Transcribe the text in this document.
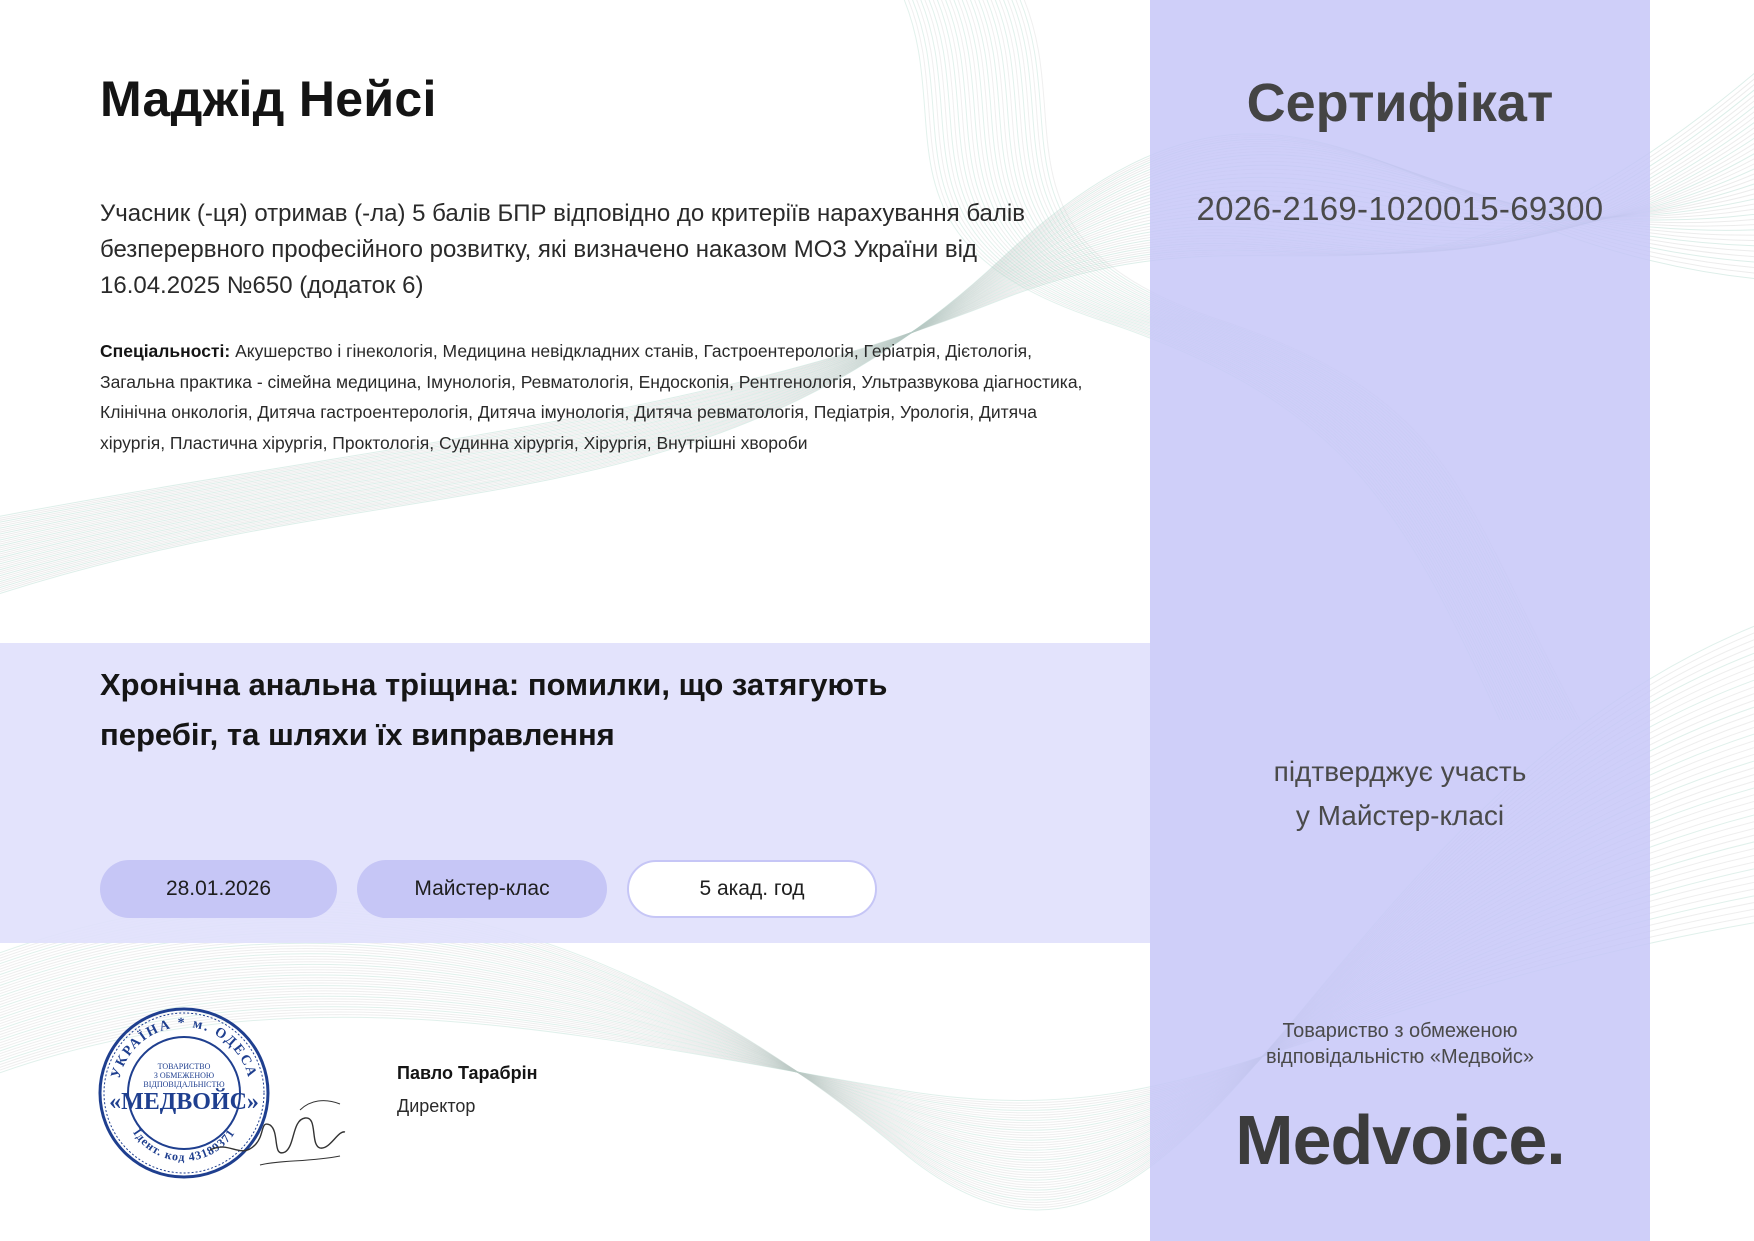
Маджід Нейсі
Учасник (-ця) отримав (-ла) 5 балів БПР відповідно до критеріїв нарахування балів безперервного професійного розвитку, які визначено наказом МОЗ України від 16.04.2025 №650 (додаток 6)
Спеціальності: Акушерство і гінекологія, Медицина невідкладних станів, Гастроентерологія, Геріатрія, Дієтологія, Загальна практика - сімейна медицина, Імунологія, Ревматологія, Ендоскопія, Рентгенологія, Ультразвукова діагностика, Клінічна онкологія, Дитяча гастроентерологія, Дитяча імунологія, Дитяча ревматологія, Педіатрія, Урологія, Дитяча хірургія, Пластична хірургія, Проктологія, Судинна хірургія, Хірургія, Внутрішні хвороби
Хронічна анальна тріщина: помилки, що затягують перебіг, та шляхи їх виправлення
28.01.2026	Майстер-клас	5 акад. год
Сертифікат
2026-2169-1020015-69300
підтверджує участь
у Майстер-класі
Товариство з обмеженою
відповідальністю «Медвойс»
Medvoice.
УКРАЇНА * м. ОДЕСА
Ідент. код 43189371
ТОВАРИСТВО
З ОБМЕЖЕНОЮ
ВІДПОВІДАЛЬНІСТЮ
«МЕДВОЙС»
Павло Тарабрін
Директор
